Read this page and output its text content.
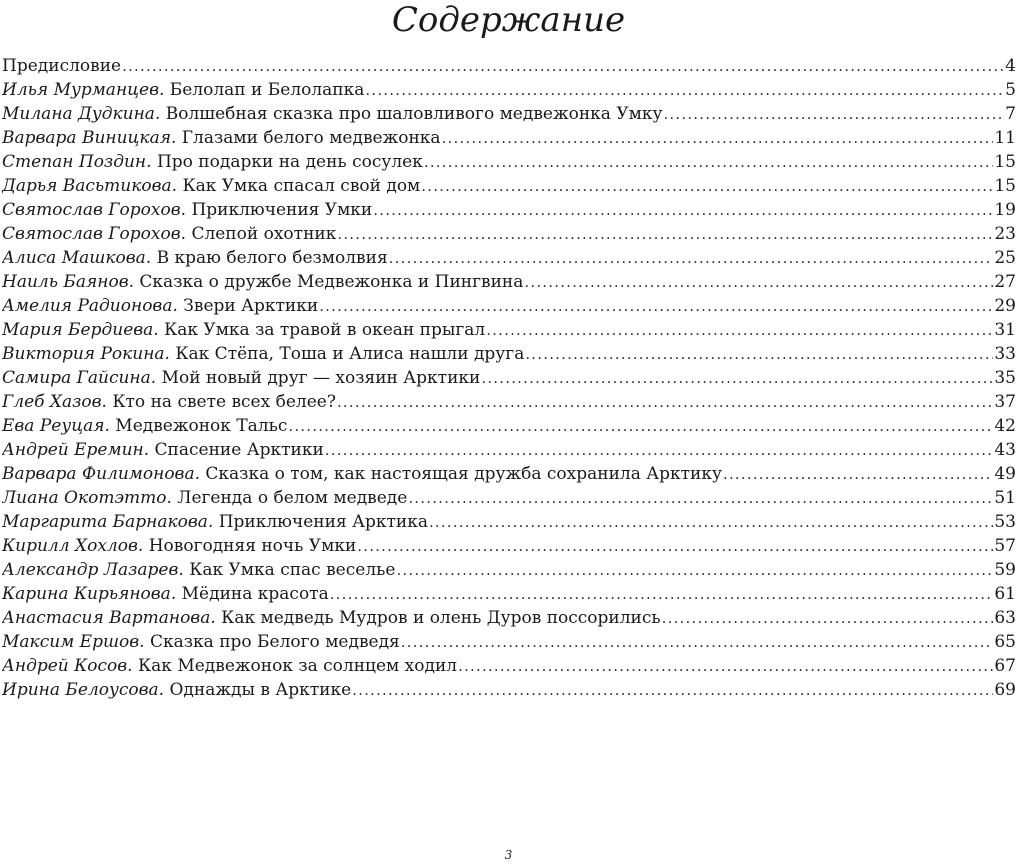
Содержание
Предисловие .....	4
Илья Мурманцев. Белолап и Белолапка .....	5
Милана Дудкина. Волшебная сказка про шаловливого медвежонка Умку .....	7
Варвара Виницкая. Глазами белого медвежонка .....	11
Степан Поздин. Про подарки на день сосулек .....	15
Дарья Васьтикова. Как Умка спасал свой дом .....	15
Святослав Горохов. Приключения Умки .....	19
Святослав Горохов. Слепой охотник .....	23
Алиса Машкова. В краю белого безмолвия .....	25
Наиль Баянов. Сказка о дружбе Медвежонка и Пингвина .....	27
Амелия Радионова. Звери Арктики .....	29
Мария Бердиева. Как Умка за травой в океан прыгал .....	31
Виктория Рокина. Как Стёпа, Тоша и Алиса нашли друга .....	33
Самира Гайсина. Мой новый друг — хозяин Арктики .....	35
Глеб Хазов. Кто на свете всех белее? .....	37
Ева Реуцая. Медвежонок Тальс .....	42
Андрей Еремин. Спасение Арктики .....	43
Варвара Филимонова. Сказка о том, как настоящая дружба сохранила Арктику .....	49
Лиана Окотэтто. Легенда о белом медведе .....	51
Маргарита Барнакова. Приключения Арктика .....	53
Кирилл Хохлов. Новогодняя ночь Умки .....	57
Александр Лазарев. Как Умка спас веселье .....	59
Карина Кирьянова. Мёдина красота .....	61
Анастасия Вартанова. Как медведь Мудров и олень Дуров поссорились .....	63
Максим Ершов. Сказка про Белого медведя .....	65
Андрей Косов. Как Медвежонок за солнцем ходил .....	67
Ирина Белоусова. Однажды в Арктике .....	69
3
